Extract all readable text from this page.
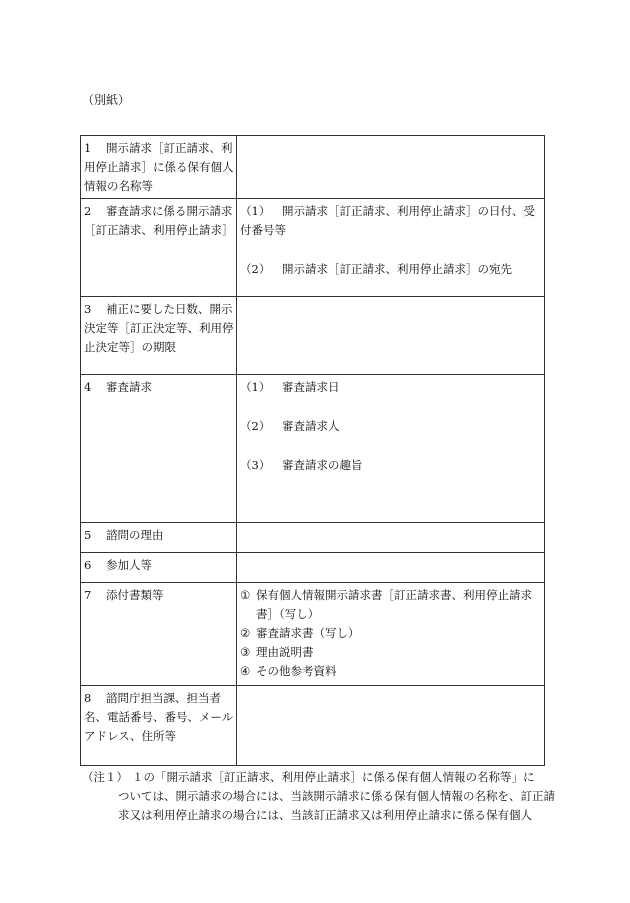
（別紙）
1 開示請求［訂正請求、利用停止請求］に係る保有個人情報の名称等	
2 審査請求に係る開示請求［訂正請求、利用停止請求］	（1） 開示請求［訂正請求、利用停止請求］の日付、受付番号等
（2） 開示請求［訂正請求、利用停止請求］の宛先

3 補正に要した日数、開示決定等［訂正決定等、利用停止決定等］の期限	
4 審査請求	（1） 審査請求日
（2） 審査請求人
（3） 審査請求の趣旨

5 諮問の理由	
6 参加人等	
7 添付書類等	① 保有個人情報開示請求書［訂正請求書、利用停止請求書］（写し）
② 審査請求書（写し）
③ 理由説明書
④ その他参考資料

8 諮問庁担当課、担当者名、電話番号、番号、メールアドレス、住所等	
（注１） １の「開示請求［訂正請求、利用停止請求］に係る保有個人情報の名称等」に
ついては、開示請求の場合には、当該開示請求に係る保有個人情報の名称を、訂正請求又は利用停止請求の場合には、当該訂正請求又は利用停止請求に係る保有個人
